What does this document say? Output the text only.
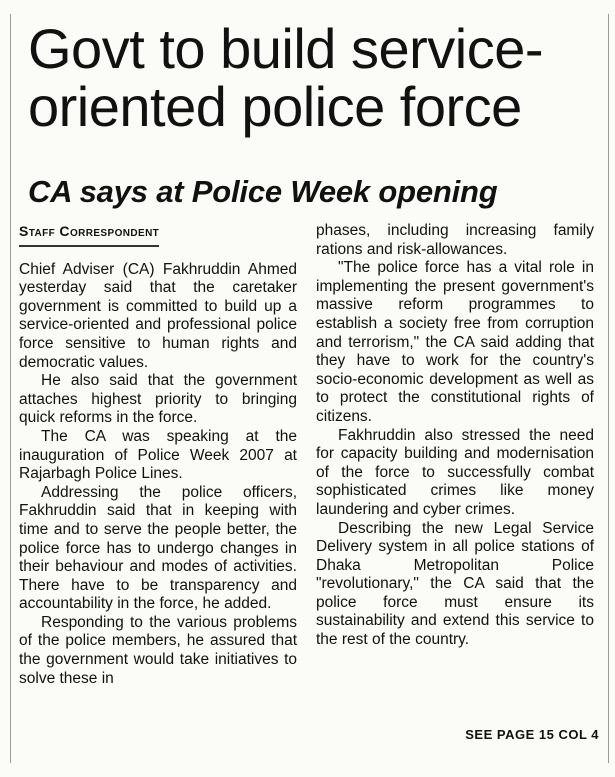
Govt to build service-oriented police force
CA says at Police Week opening
Staff Correspondent

Chief Adviser (CA) Fakhruddin Ahmed yesterday said that the caretaker government is committed to build up a service-oriented and professional police force sensitive to human rights and democratic values.

He also said that the government attaches highest priority to bringing quick reforms in the force.

The CA was speaking at the inauguration of Police Week 2007 at Rajarbagh Police Lines.

Addressing the police officers, Fakhruddin said that in keeping with time and to serve the people better, the police force has to undergo changes in their behaviour and modes of activities. There have to be transparency and accountability in the force, he added.

Responding to the various problems of the police members, he assured that the government would take initiatives to solve these in

phases, including increasing family rations and risk-allowances.

"The police force has a vital role in implementing the present government's massive reform programmes to establish a society free from corruption and terrorism," the CA said adding that they have to work for the country's socio-economic development as well as to protect the constitutional rights of citizens.

Fakhruddin also stressed the need for capacity building and modernisation of the force to successfully combat sophisticated crimes like money laundering and cyber crimes.

Describing the new Legal Service Delivery system in all police stations of Dhaka Metropolitan Police "revolutionary," the CA said that the police force must ensure its sustainability and extend this service to the rest of the country.

SEE PAGE 15 COL 4
